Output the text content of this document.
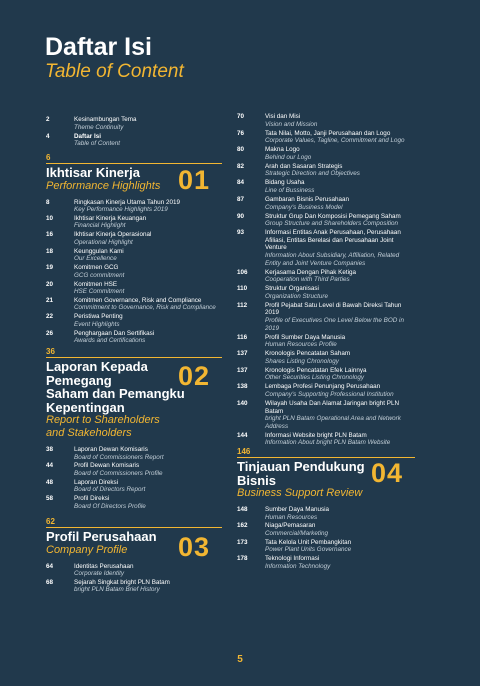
Daftar Isi
Table of Content
5
2	Kesinambungan Tema
Theme Continuity
4	Daftar Isi
Table of Content
6
Ikhtisar Kinerja
Performance Highlights 01
8	Ringkasan Kinerja Utama Tahun 2019
Key Performance Highlights 2019
10	Ikhtisar Kinerja Keuangan
Financial Highlight
16	Ikhtisar Kinerja Operasional
Operational Highlight
18	Keunggulan Kami
Our Excellence
19	Komitmen GCG
GCG commitment
20	Komitmen HSE
HSE Commitment
21	Komitmen Governance, Risk and Compliance
Commitment to Governance, Risk and Compliance
22	Peristiwa Penting
Event Highlights
26	Penghargaan Dan Sertifikasi
Awards and Certifications
36
Laporan Kepada
Pemegang
Saham dan Pemangku
Kepentingan
Report to Shareholders
and Stakeholders
02
38	Laporan Dewan Komisaris
Board of Commissioners Report
44	Profil Dewan Komisaris
Board of Commissioners Profile
48	Laporan Direksi
Board of Directors Report
58	Profil Direksi
Board Of Directors Profile
62
Profil Perusahaan
Company Profile 03
64	Identitas Perusahaan
Corporate Identity
68	Sejarah Singkat bright PLN Batam
bright PLN Batam Brief History
70	Visi dan Misi
Vision and Mission
76	Tata Nilai, Motto, Janji Perusahaan dan Logo
Corporate Values, Tagline, Commitment and Logo
80	Makna Logo
Behind our Logo
82	Arah dan Sasaran Strategis
Strategic Direction and Objectives
84	Bidang Usaha
Line of Bussiness
87	Gambaran Bisnis Perusahaan
Company's Business Model
90	Struktur Grup Dan Komposisi Pemegang Saham
Group Structure and Shareholders Composition
93	Informasi Entitas Anak Perusahaan, Perusahaan
Afiliasi, Entitas Berelasi dan Perusahaan Joint
Venture
Information About Subsidiary, Affiliation, Related
Entity and Joint Venture Companies
106	Kerjasama Dengan Pihak Ketiga
Cooperation with Third Parties
110	Struktur Organisasi
Organization Structure
112	Profil Pejabat Satu Level di Bawah Direksi Tahun
2019
Profile of Executives One Level Below the BOD in
2019
116	Profil Sumber Daya Manusia
Human Resources Profile
137	Kronologis Pencatatan Saham
Shares Listing Chronology
137	Kronologis Pencatatan Efek Lainnya
Other Securities Listing Chronology
138	Lembaga Profesi Penunjang Perusahaan
Company's Supporting Professional Institution
140	Wilayah Usaha Dan Alamat Jaringan bright PLN
Batam
bright PLN Batam Operational Area and Network
Address
144	Informasi Website bright PLN Batam
Information About bright PLN Batam Website
146
Tinjauan Pendukung
Bisnis
Business Support Review
04
148	Sumber Daya Manusia
Human Resources
162	Niaga/Pemasaran
Commercial/Marketing
173	Tata Kelola Unit Pembangkitan
Power Plant Units Governance
178	Teknologi Informasi
Information Technology
